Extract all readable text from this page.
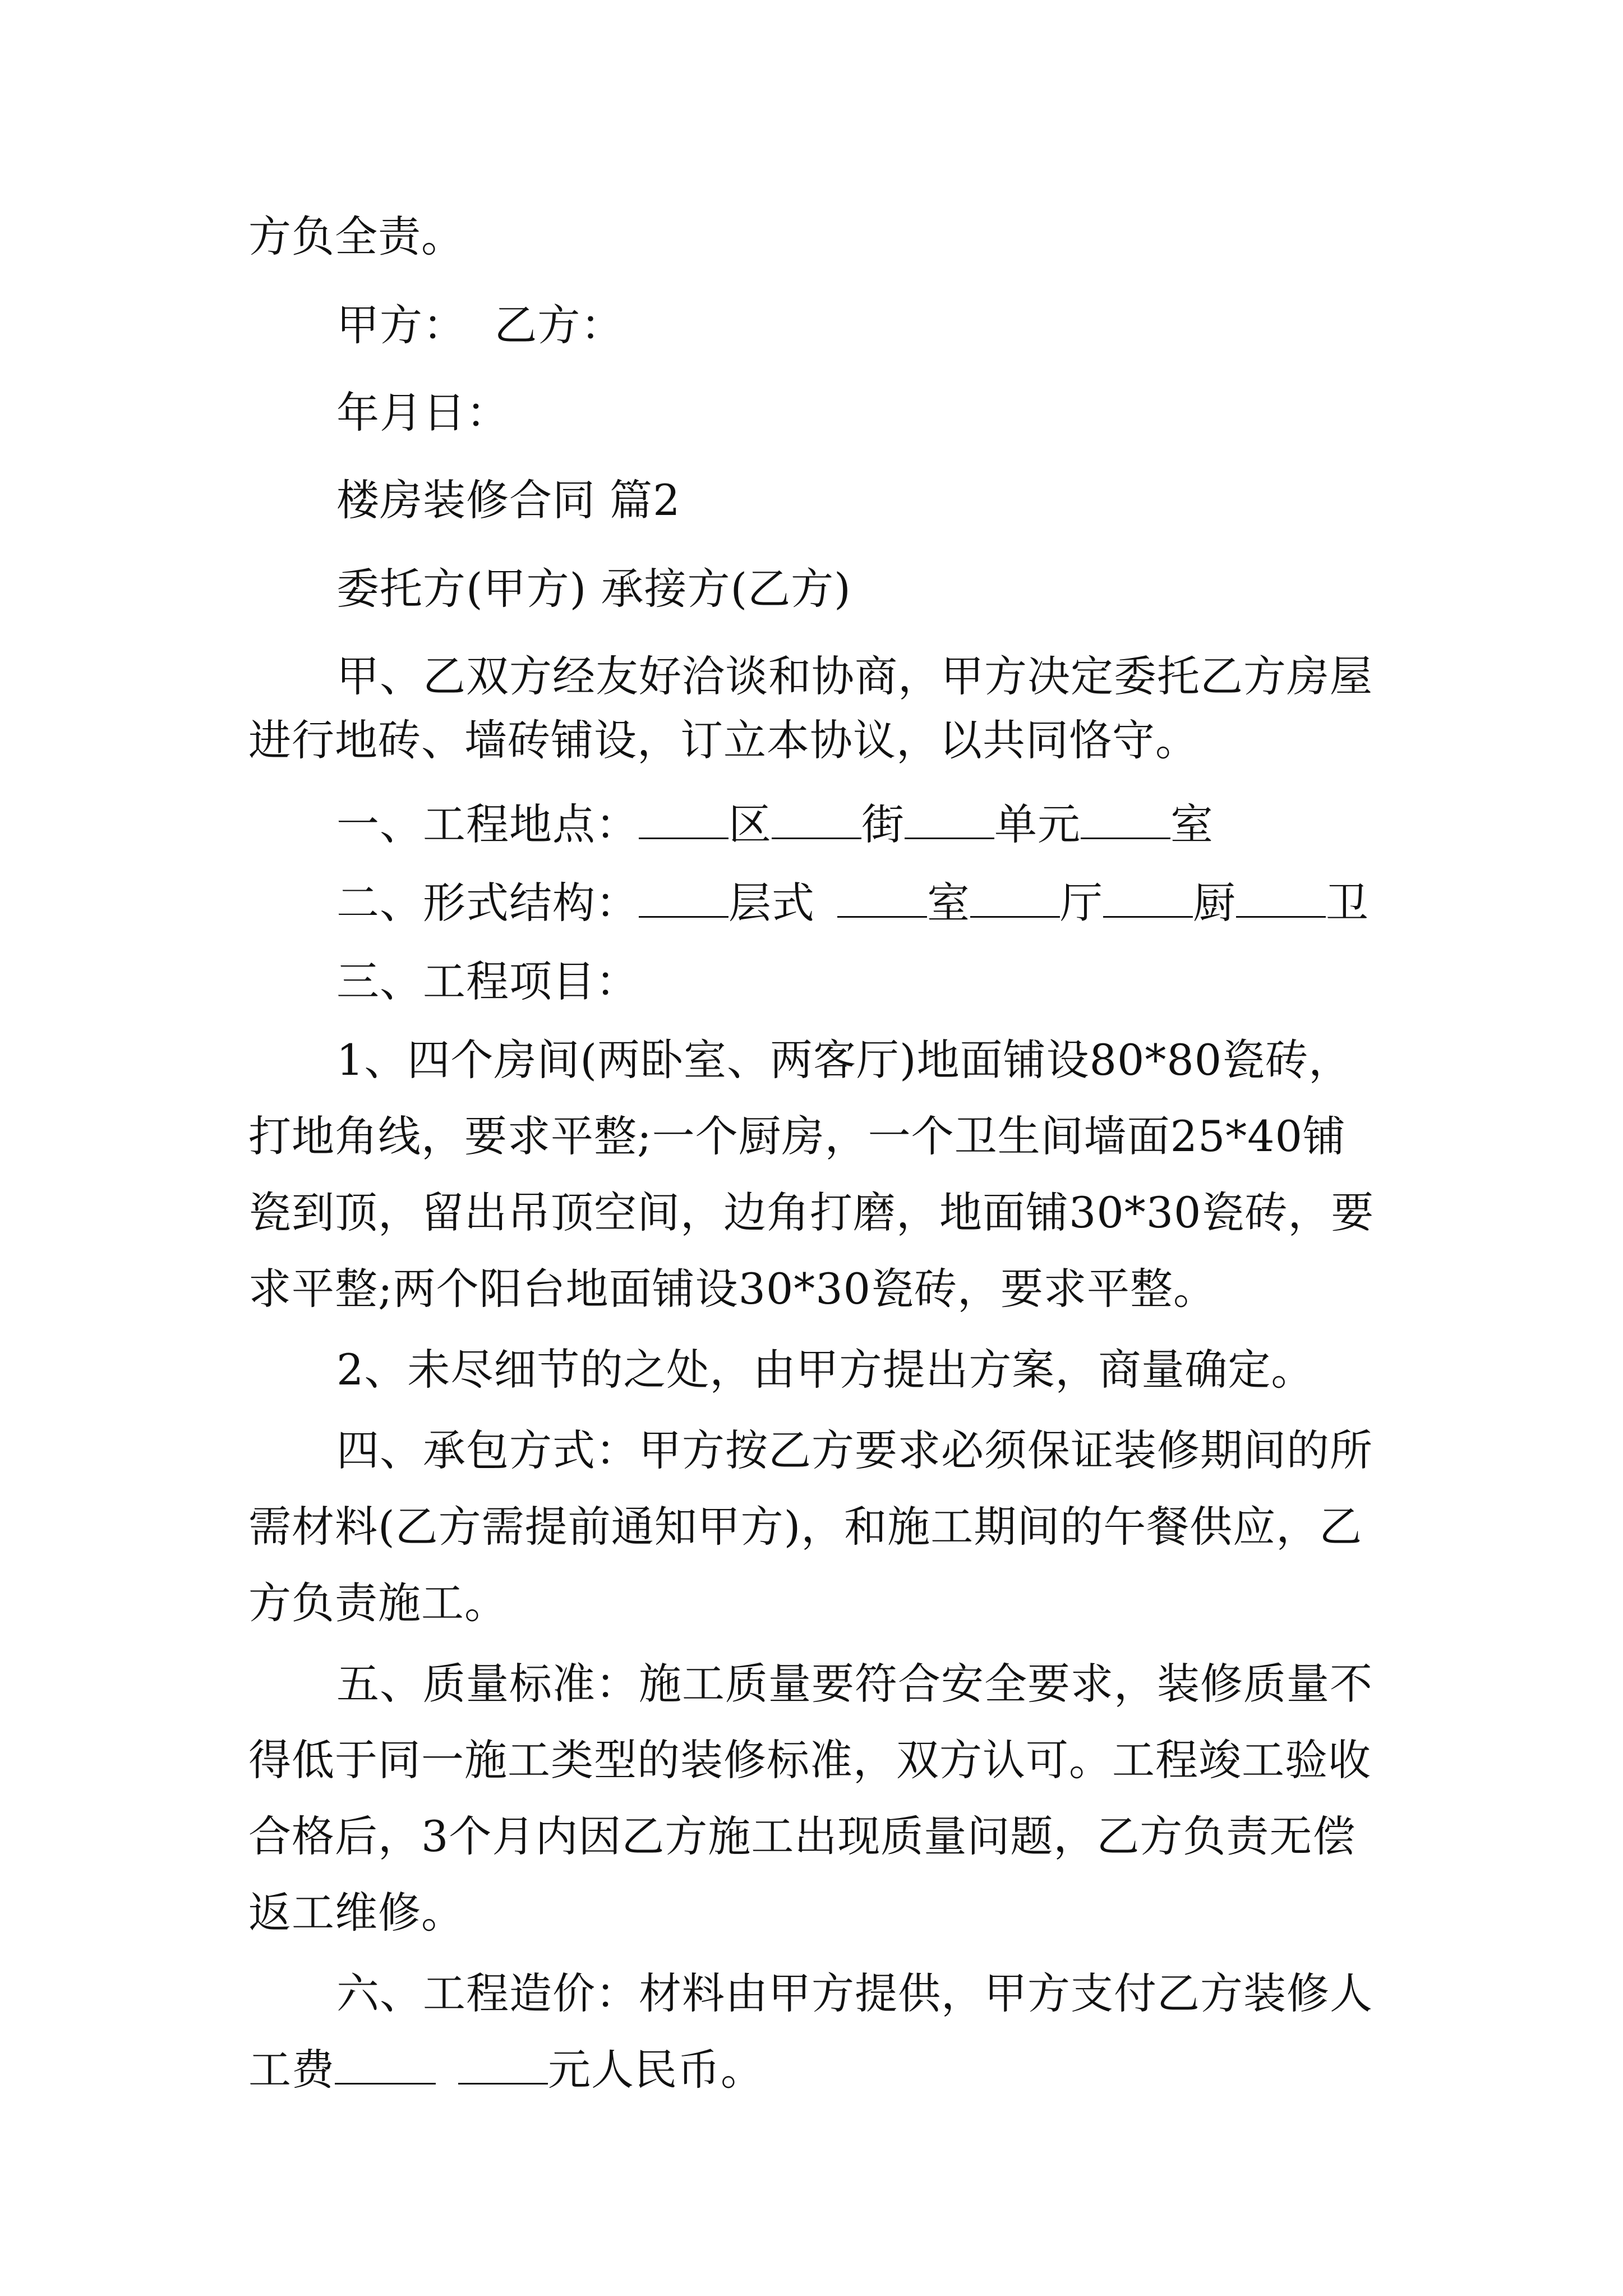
方负全责。

甲方：  乙方：

年月日：

楼房装修合同 篇2

委托方(甲方) 承接方(乙方)

甲、乙双方经友好洽谈和协商，甲方决定委托乙方房屋

进行地砖、墙砖铺设，订立本协议，以共同恪守。

一、工程地点： 区 街 单元 室

二、形式结构： 层式	室 厅 厨 卫

三、工程项目：

1、四个房间(两卧室、两客厅)地面铺设80*80瓷砖，

打地角线，要求平整;一个厨房，一个卫生间墙面25*40铺

瓷到顶，留出吊顶空间，边角打磨，地面铺30*30瓷砖，要

求平整;两个阳台地面铺设30*30瓷砖，要求平整。

2、未尽细节的之处，由甲方提出方案，商量确定。

四、承包方式：甲方按乙方要求必须保证装修期间的所

需材料(乙方需提前通知甲方)，和施工期间的午餐供应，乙

方负责施工。

五、质量标准：施工质量要符合安全要求，装修质量不

得低于同一施工类型的装修标准，双方认可。工程竣工验收

合格后，3个月内因乙方施工出现质量问题，乙方负责无偿

返工维修。

六、工程造价：材料由甲方提供，甲方支付乙方装修人

工费	元人民币。
